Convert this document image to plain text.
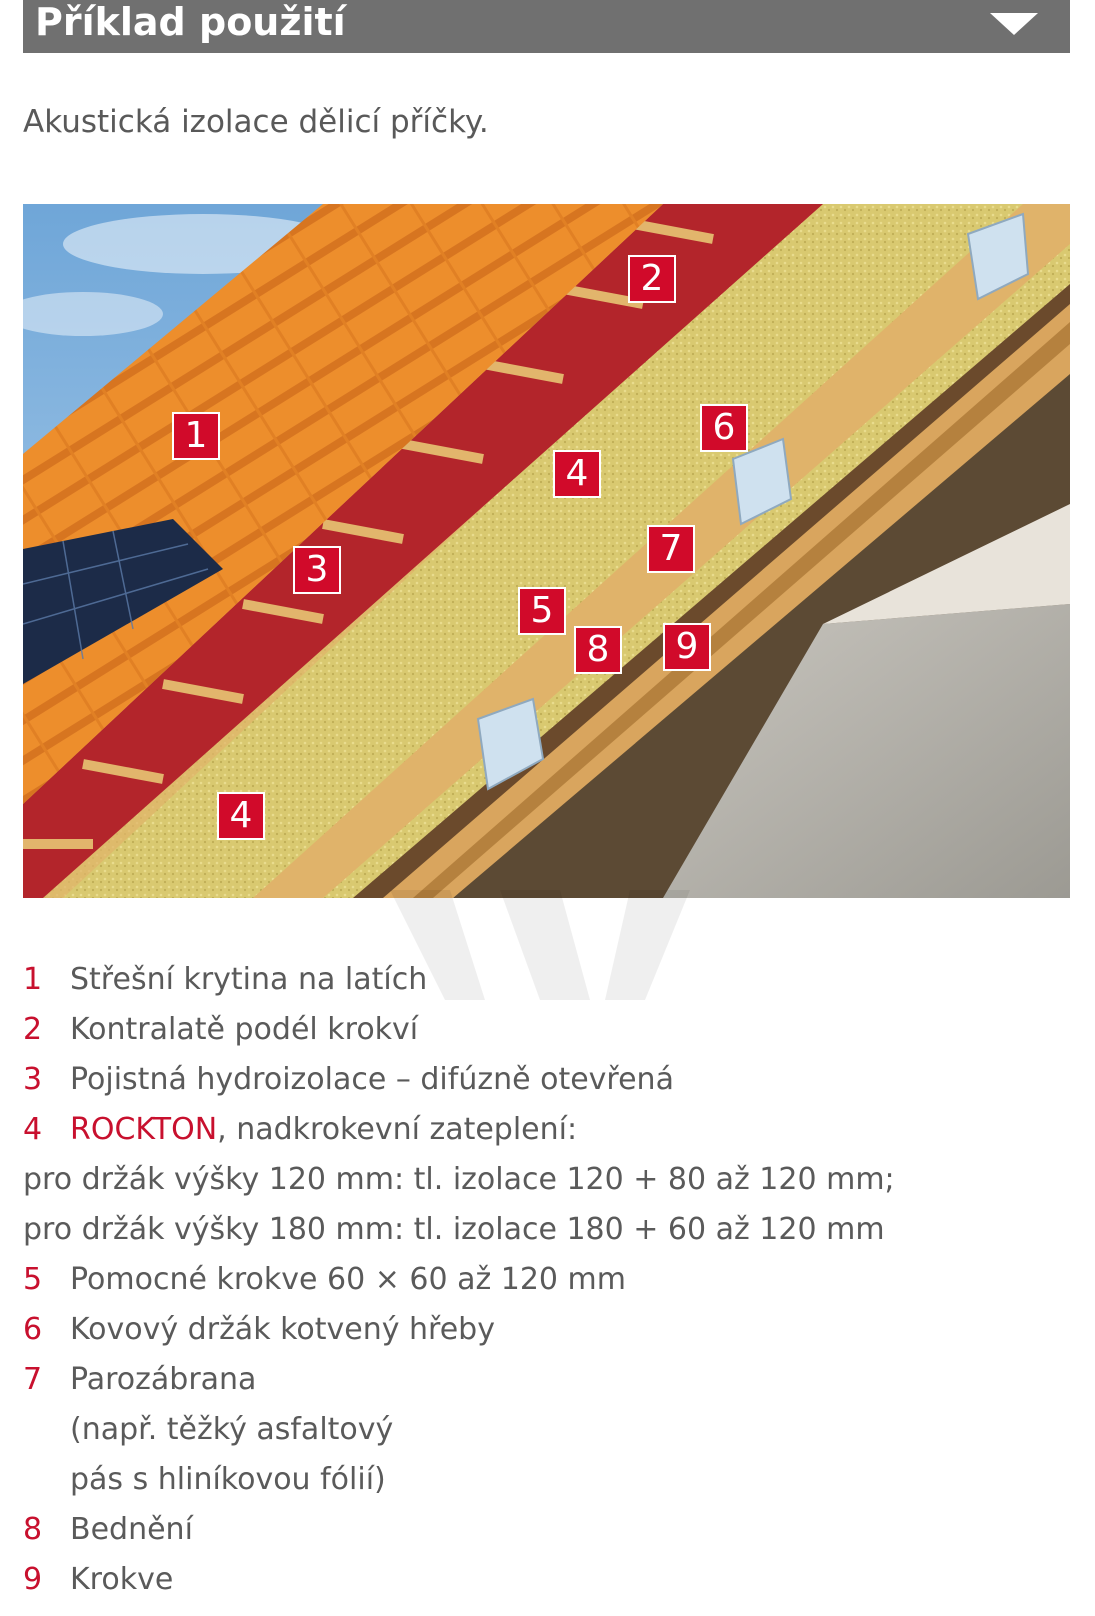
Příklad použití
Akustická izolace dělicí příčky.
1
2
3
4
4
5
6
7
8	9
1 Střešní krytina na latích
2 Kontralatě podél krokví
3 Pojistná hydroizolace – difúzně otevřená
4 ROCKTON, nadkrokevní zateplení:
pro držák výšky 120 mm: tl. izolace 120 + 80 až 120 mm;
pro držák výšky 180 mm: tl. izolace 180 + 60 až 120 mm
5 Pomocné krokve 60 × 60 až 120 mm
6 Kovový držák kotvený hřeby
7 Parozábrana
(např. těžký asfaltový
pás s hliníkovou fólií)
8 Bednění
9 Krokve
